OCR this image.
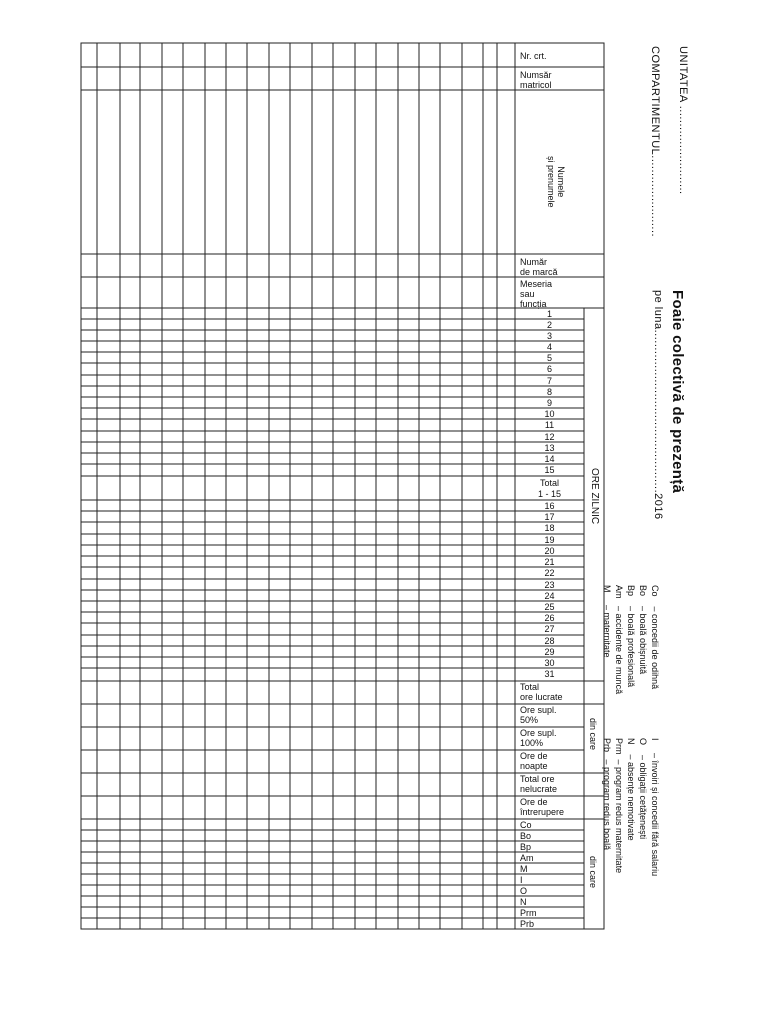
UNITATEA .........................
COMPARTIMENTUL.......................
Foaie colectivă de prezență
pe luna..............................................2016
Co    – concedii de odihnă
Bo    – boală obișnuită
Bp    – boală profesională
Am   – accidente de muncă
M     – maternitate
I     – învoiri și concedii fără salariu
O    – obligații cetățenești
N    – absențe nemotivate
Prm  – program redus maternitate
Prb   – program redus boală
Nr. crt.
Numsăr
matricol
Numele
și prenumele
Număr
de marcă
Meseria
sau
funcția
ORE ZILNIC
din care
din care
1
2
3
4
5
6
7
8
9
10
11
12
13
14
15
Total
1 - 15
16
17
18
19
20
21
22
23
24
25
26
27
28
29
30
31
Total
ore lucrate
Ore supl.
50%
Ore supl.
100%
Ore de
noapte
Total ore
nelucrate
Ore de
întrerupere
Co
Bo
Bp
Am
M
I
O
N
Prm
Prb
